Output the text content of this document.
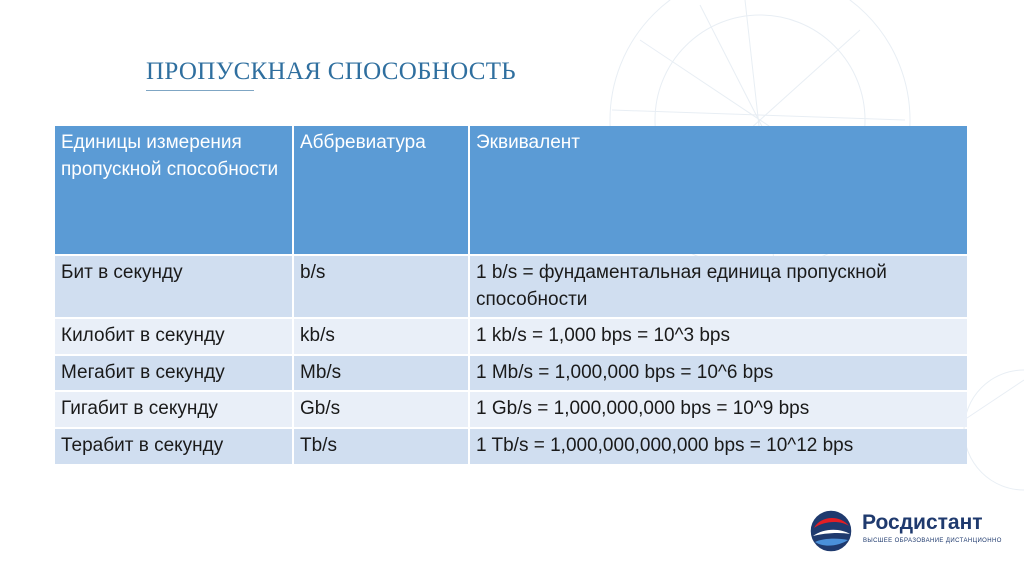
ПРОПУСКНАЯ СПОСОБНОСТЬ
Единицы измерения пропускной способности	Аббревиатура	Эквивалент
Бит в секунду	b/s	1 b/s = фундаментальная единица пропускной способности
Килобит в секунду	kb/s	1 kb/s = 1,000 bps = 10^3 bps
Мегабит в секунду	Mb/s	1 Mb/s = 1,000,000 bps = 10^6 bps
Гигабит в секунду	Gb/s	1 Gb/s = 1,000,000,000 bps = 10^9 bps
Терабит в секунду	Tb/s	1 Tb/s = 1,000,000,000,000 bps = 10^12 bps
Росдистант
ВЫСШЕЕ ОБРАЗОВАНИЕ ДИСТАНЦИОННО
